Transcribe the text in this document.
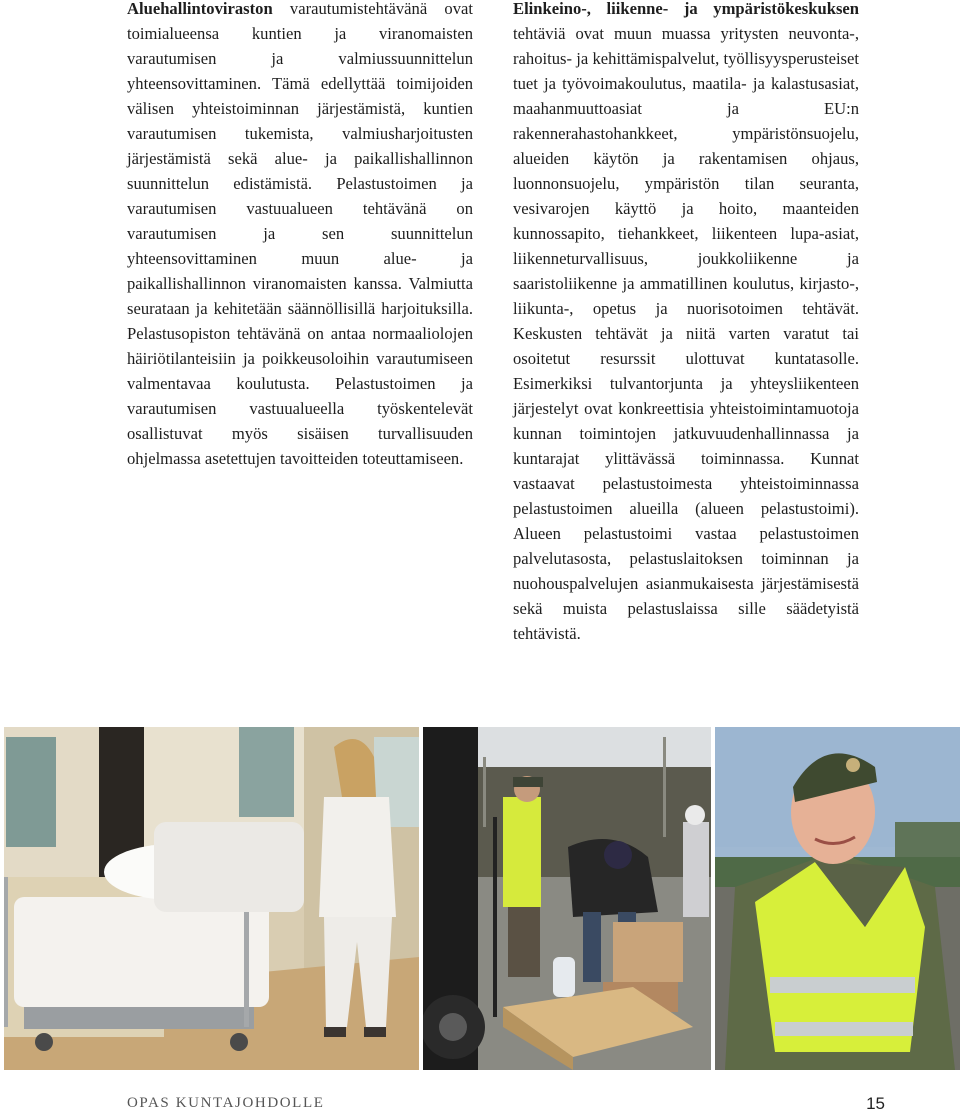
Aluehallintoviraston varautumistehtävänä ovat toimialueensa kuntien ja viranomaisten varautumisen ja valmiussuunnittelun yhteensovittaminen. Tämä edellyttää toimijoiden välisen yhteistoiminnan järjestämistä, kuntien varautumisen tukemista, valmiusharjoitusten järjestämistä sekä alue- ja paikallishallinnon suunnittelun edistämistä. Pelastustoimen ja varautumisen vastuualueen tehtävänä on varautumisen ja sen suunnittelun yhteensovittaminen muun alue- ja paikallishallinnon viranomaisten kanssa. Valmiutta seurataan ja kehitetään säännöllisillä harjoituksilla. Pelastusopiston tehtävänä on antaa normaaliolojen häiriötilanteisiin ja poikkeusoloihin varautumiseen valmentavaa koulutusta. Pelastustoimen ja varautumisen vastuualueella työskentelevät osallistuvat myös sisäisen turvallisuuden ohjelmassa asetettujen tavoitteiden toteuttamiseen.

Elinkeino-, liikenne- ja ympäristökeskuksen tehtäviä ovat muun muassa yritysten neuvonta-, rahoitus- ja kehittämispalvelut, työllisyysperusteiset tuet ja työvoimakoulutus, maatila- ja kalastusasiat, maahanmuuttoasiat ja EU:n rakennerahastohankkeet, ympäristönsuojelu, alueiden käytön ja rakentamisen ohjaus, luonnonsuojelu, ympäristön tilan seuranta, vesivarojen käyttö ja hoito, maanteiden kunnossapito, tiehankkeet, liikenteen lupa-asiat, liikenneturvallisuus, joukkoliikenne ja saaristoliikenne ja ammatillinen koulutus, kirjasto-, liikunta-, opetus ja nuorisotoimen tehtävät. Keskusten tehtävät ja niitä varten varatut tai osoitetut resurssit ulottuvat kuntatasolle. Esimerkiksi tulvantorjunta ja yhteysliikenteen järjestelyt ovat konkreettisia yhteistoimintamuotoja kunnan toimintojen jatkuvuudenhallinnassa ja kuntarajat ylittävässä toiminnassa. Kunnat vastaavat pelastustoimesta yhteistoiminnassa pelastustoimen alueilla (alueen pelastustoimi). Alueen pelastustoimi vastaa pelastustoimen palvelutasosta, pelastuslaitoksen toiminnan ja nuohouspalvelujen asianmukaisesta järjestämisestä sekä muista pelastuslaissa sille säädetyistä tehtävistä.

OPAS KUNTAJOHDOLLE	15
